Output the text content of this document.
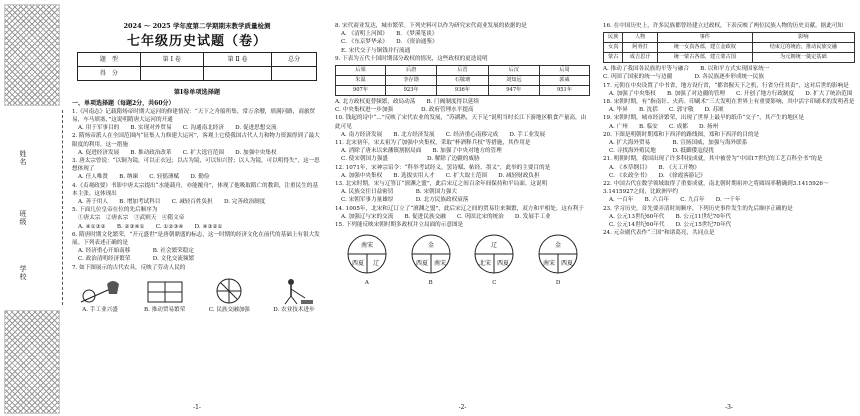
姓名
班级
学校
2024 ～ 2025 学年度第二学期期末教学质量检测
七年级历史试题（卷）
题　型	第 Ⅰ 卷	第 Ⅱ 卷	总分
得　分			
第Ⅰ卷单项选择题
一、单项选择题（每题2分，共60分）
1.《河南志》记载隋炀帝时期大运河的修建情况：“天下之舟船所集，常万余艘，填满河路，商旅贸易，车马填塞，”这说明隋唐大运河的开通
A. 用于军事目的　　B. 实现对外贸易　　C. 沟通南北经济　　D. 促进思想交流
2. 隋炀帝派人在全国范围内“征集人力修建大运河”，客观上它使我国古代人力和物力资源得到了最大限度的利用。这一措施
A. 促进经济发展　　B. 推动政治改革　　C. 扩大选官范围　　D. 加强中央集权
3. 唐太宗曾说：“以铜为镜，可以正衣冠；以古为镜，可以知兴替；以人为镜，可以明得失”，这一思想体现了
A. 任人唯贤　　B. 纳谏　　C. 轻徭薄赋　　D. 勤俭
4.《贞观政要》书影中唐太宗提出“水能载舟，亦能覆舟”，体现了他吸取隋亡的教训，注重民生的基本主张。这体现出
A. 善于用人　　B. 增加考试科目　　C. 减轻百姓负担　　D. 完善政治制度
5. 下面几位皇帝在位的先后顺序为
①唐太宗　②唐玄宗　③武则天　④隋文帝
A. ④①③②　　B. ②③④①　　C. ①②③④　　D. ④③②①
6. 隋唐时期文化繁荣，“开元盛世”是唐朝鼎盛的标志，这一时期的经济文化在前代的基础上有很大发展。下列表述正确的是
A. 经济重心开始南移　　　　B. 社会繁荣稳定
C. 政治清明经济繁荣　　　　D. 文化交流频繁
7. 如下图展示的古代农具，反映了劳动人民的
A. 手工业兴盛	B. 推动贸易繁荣	C. 民族交融加强	D. 农业技术进步
-1-
8. 宋代商业发达，城市繁荣。下列史料可以作为研究宋代商业发展的依据的是
A. 《清明上河图》　　B. 《梦溪笔谈》
C. 《东京梦华录》　　D. 《资治通鉴》
E. 宋代交子与铜钱并行流通
9. 下表为五代十国时期部分政权的情况，这些政权的更迭说明
后梁	后唐	后晋	后汉	后周
朱温	李存勖	石敬瑭	刘知远	郭威
907年	923年	936年	947年	951年
A. 北方政权更替频繁，政局动荡　　B. 门阀制度得以延续
C. 中央集权进一步加强　　　　　D. 政府管理水平提高
10. 钱起的诗中“...”反映了宋代农业的发展，“苏湖熟，天下足”说明当时长江下游地区粮食产量高，由此可见
A. 南方经济发展　　B. 北方经济发展　　C. 经济重心南移完成　　D. 手工业发展
11. 北宋初年，宋太祖为了加强中央集权，采取“杯酒释兵权”等措施，其作用是
A. 消除了唐末以来藩镇割据局面　　B. 加强了中央对地方的管理
C. 使宋朝国力强盛　　　　　　　D. 解除了边疆的威胁
12. 1071年，宋神宗诏令：“科举考试经义，罢诗赋、帖经、墨义”，此举的主要目的是
A. 加强中央集权　　B. 选拔实用人才　　C. 扩大取士范围　　D. 减轻财政负担
13. 北宋时期，宋与辽签订“澶渊之盟”，此后宋辽之间百余年间保持和平局面。这说明
A. 民族交往日益密切　　　　B. 宋朝国力强大
C. 宋朝军事力量雄厚　　　　D. 北方民族政权衰落
14. 1005年，北宋和辽订立了“澶渊之盟”，此后宋辽之间的贸易往来频繁，双方和平相处，这有利于
A. 加强辽与宋的交流　　B. 促进民族交融　　C. 巩固北宋的统治　　D. 发展手工业
15. 下列能反映宋朝时期多政权并立局面的示意图是
南宋
西夏 辽
A
金
西夏 南宋
B
辽
北宋 西夏
C
金
南宋 西夏
D
-2-
16. 在中国历史上，许多民族都曾经建立过政权，下表反映了两位民族人物的历史贡献。据此可知
民族	人物	事件	影响
女真	阿骨打	统一女真各部，建立金政权	结束辽的统治，推动民族交融
蒙古	成吉思汗	统一蒙古各部，建立蒙古国	为元朝统一奠定基础
A. 推动了我国各民族的平等与融合　　B. 以和平方式实现国家统一
C. 巩固了国家的统一与边疆　　　　D. 各民族逐步形成统一民族
17. 元朝在中央设置了中书省，地方设行省，“都省握天下之机，行省分任其责”，这对后世的影响是
A. 加强了中央集权　　B. 加强了对边疆的管理　　C. 开创了地方行政制度　　D. 扩大了统治范围
18. 宋朝时期，有“指南针、火药、印刷术”三大发明在世界上有重要影响，其中活字印刷术的发明者是
A. 毕昇　　B. 沈括　　C. 郭守敬　　D. 苏颂
19. 宋朝时期，城市经济繁荣，出现了世界上最早的纸币“交子”，其产生的地区是
A. 广州　　B. 临安　　C. 成都　　D. 扬州
20. 下图是明朝时期郑和下西洋的路线图，郑和下西洋的目的是
A. 扩大海外贸易　　　　B. 宣扬国威，加强与海外联系
C. 寻找海外殖民地　　　D. 抵御倭寇侵扰
21. 明朝时期，我国出现了许多科技成就，其中被誉为“中国17世纪的工艺百科全书”的是
A. 《本草纲目》　　B. 《天工开物》
C. 《农政全书》　　D. 《徐霞客游记》
22. 中国古代在数学领域取得了重要成就，南北朝时期祖冲之将圆周率精确到3.1415926～3.1415927之间，比欧洲早约
A. 一百年　　B. 六百年　　C. 九百年　　D. 一千年
23. 学习历史，首先要弄清时间顺序，下列历史事件发生的先后顺序正确的是
A. 公元13世纪60年代　　B. 公元11世纪70年代
C. 公元14世纪60年代　　D. 公元15世纪70年代
24. 元杂剧代表作“三国”和诸葛亮，共同点是
-3-
